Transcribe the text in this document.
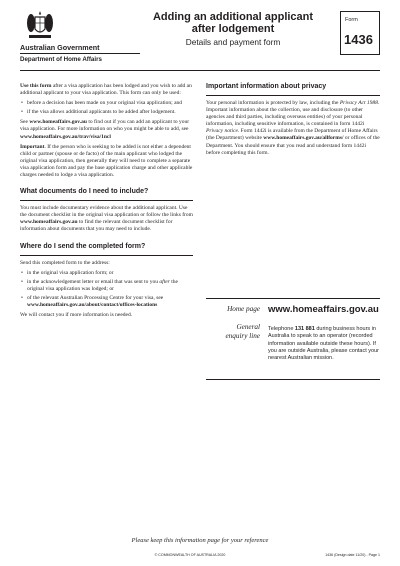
Australian Government
Department of Home Affairs
Adding an additional applicant
after lodgement
Details and payment form
Form
1436

Use this form after a visa application has been lodged and you wish to add an additional applicant to your visa application. This form can only be used:

• before a decision has been made on your original visa application; and
• if the visa allows additional applicants to be added after lodgement.

See www.homeaffairs.gov.au to find out if you can add an applicant to your visa application. For more information on who you might be able to add, see
www.homeaffairs.gov.au/trav/visa/1ncl

Important. If the person who is seeking to be added is not either a dependent child or partner (spouse or de facto) of the main applicant who lodged the original visa application, then generally they will need to complete a separate visa application form and pay the base application charge and other applicable charges needed to lodge a visa application.

What documents do I need to include?

You must include documentary evidence about the additional applicant. Use the document checklist in the original visa application or follow the links from www.homeaffairs.gov.au to find the relevant document checklist for information about documents that you may need to include.

Where do I send the completed form?

Send this completed form to the address:

• in the original visa application form; or
• in the acknowledgement letter or email that was sent to you after the original visa application was lodged; or
• of the relevant Australian Processing Centre for your visa, see www.homeaffairs.gov.au/about/contact/offices-locations

We will contact you if more information is needed.

Important information about privacy

Your personal information is protected by law, including the Privacy Act 1988. Important information about the collection, use and disclosure (to other agencies and third parties, including overseas entities) of your personal information, including sensitive information, is contained in form 1442i Privacy notice. Form 1442i is available from the Department of Home Affairs (the Department) website www.homeaffairs.gov.au/allforms/ or offices of the Department. You should ensure that you read and understand form 1442i before completing this form.

Home page www.homeaffairs.gov.au
General
enquiry line
Telephone 131 881 during business hours in Australia to speak to an operator (recorded information available outside these hours). If you are outside Australia, please contact your nearest Australian mission.
Please keep this information page for your reference
© COMMONWEALTH OF AUSTRALIA 2020	1436 (Design date 11/20) - Page 1
